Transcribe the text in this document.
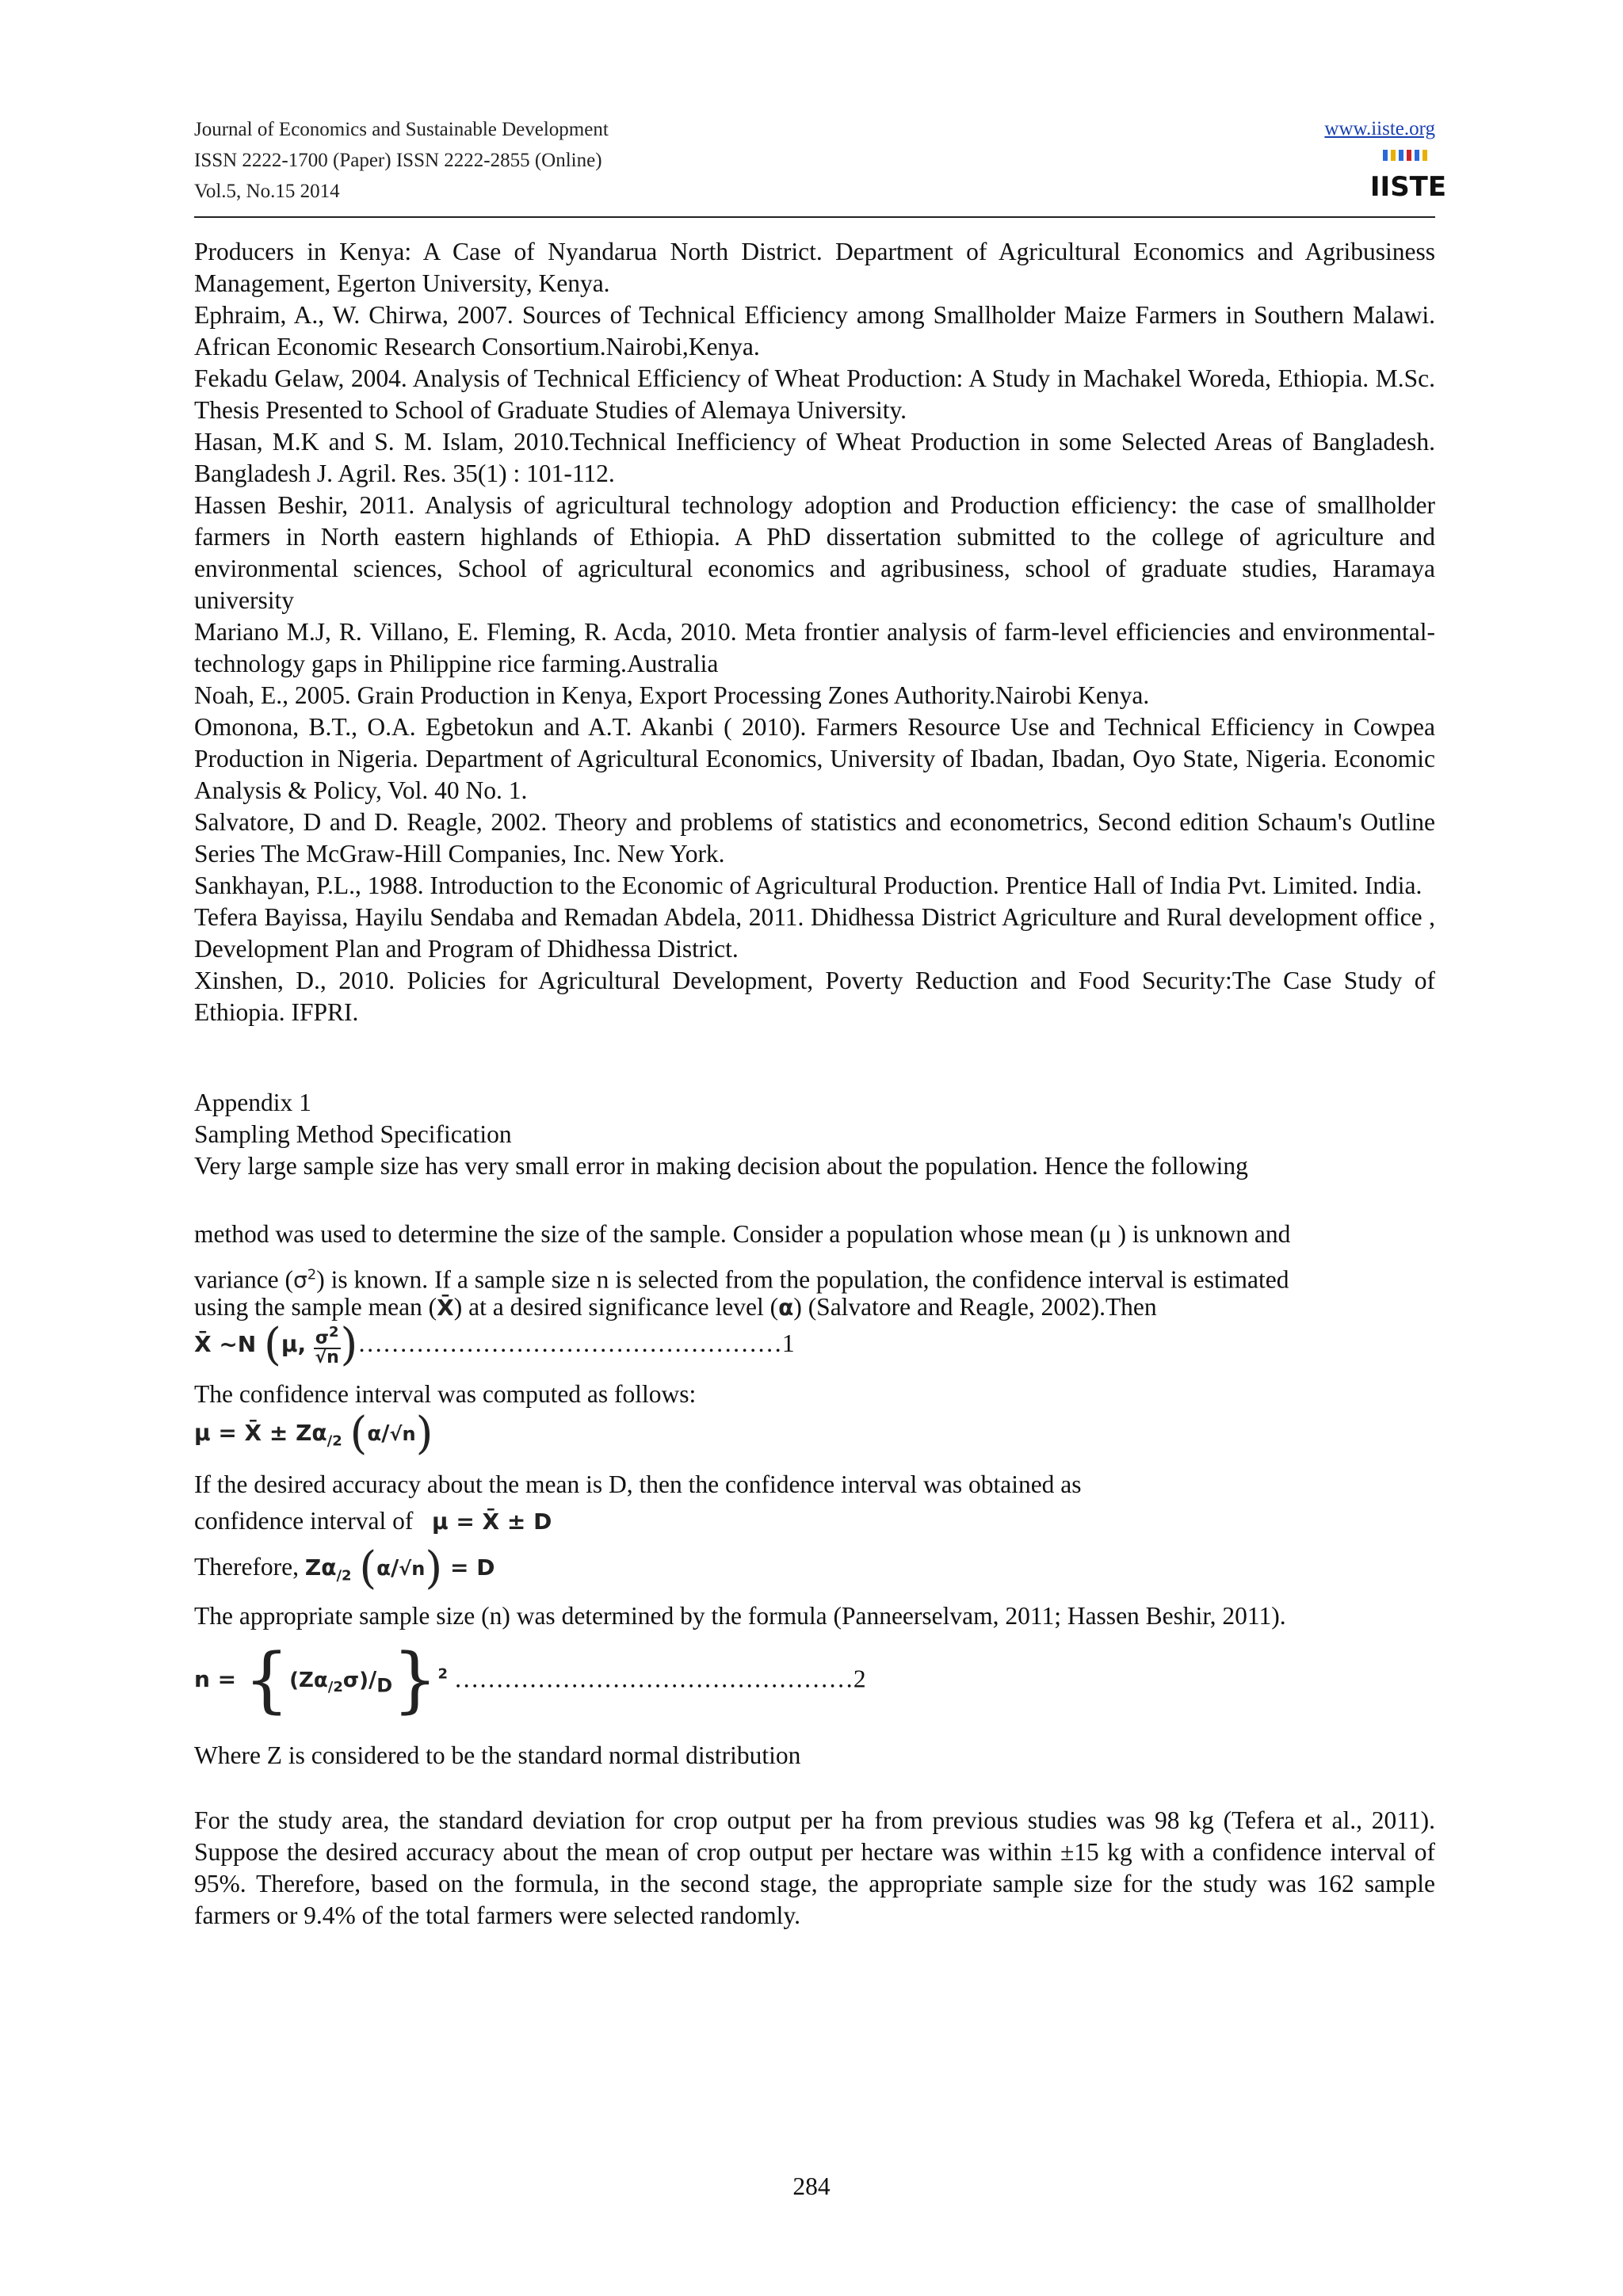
Journal of Economics and Sustainable Development
ISSN 2222-1700 (Paper) ISSN 2222-2855 (Online)
Vol.5, No.15 2014
www.iiste.org
IISTE

Producers in Kenya: A Case of Nyandarua North District. Department of Agricultural Economics and Agribusiness Management, Egerton University, Kenya.

Ephraim, A., W. Chirwa, 2007. Sources of Technical Efficiency among Smallholder Maize Farmers in Southern Malawi. African Economic Research Consortium.Nairobi,Kenya.

Fekadu Gelaw, 2004. Analysis of Technical Efficiency of Wheat Production: A Study in Machakel Woreda, Ethiopia. M.Sc. Thesis Presented to School of Graduate Studies of Alemaya University.

Hasan, M.K and S. M. Islam, 2010.Technical Inefficiency of Wheat Production in some Selected Areas of Bangladesh. Bangladesh J. Agril. Res. 35(1) : 101-112.

Hassen Beshir, 2011. Analysis of agricultural technology adoption and Production efficiency: the case of smallholder farmers in North eastern highlands of Ethiopia. A PhD dissertation submitted to the college of agriculture and environmental sciences, School of agricultural economics and agribusiness, school of graduate studies, Haramaya university

Mariano M.J, R. Villano, E. Fleming, R. Acda, 2010. Meta frontier analysis of farm-level efficiencies and environmental-technology gaps in Philippine rice farming.Australia

Noah, E., 2005. Grain Production in Kenya, Export Processing Zones Authority.Nairobi Kenya.

Omonona, B.T., O.A. Egbetokun and A.T. Akanbi ( 2010). Farmers Resource Use and Technical Efficiency in Cowpea Production in Nigeria. Department of Agricultural Economics, University of Ibadan, Ibadan, Oyo State, Nigeria. Economic Analysis & Policy, Vol. 40 No. 1.

Salvatore, D and D. Reagle, 2002. Theory and problems of statistics and econometrics, Second edition Schaum's Outline Series The McGraw-Hill Companies, Inc. New York.

Sankhayan, P.L., 1988. Introduction to the Economic of Agricultural Production. Prentice Hall of India Pvt. Limited. India.

Tefera Bayissa, Hayilu Sendaba and Remadan Abdela, 2011. Dhidhessa District Agriculture and Rural development office , Development Plan and Program of Dhidhessa District.

Xinshen, D., 2010. Policies for Agricultural Development, Poverty Reduction and Food Security:The Case Study of Ethiopia. IFPRI.

Appendix 1

Sampling Method Specification

Very large sample size has very small error in making decision about the population. Hence the following

method was used to determine the size of the sample. Consider a population whose mean (μ ) is unknown and
variance $(\sigma^2)$ is known. If a sample size n is selected from the population, the confidence interval is estimated
using the sample mean (X̄) at a desired significance level (α) (Salvatore and Reagle, 2002).Then
X̄ ~N (μ, $\frac{\sigma^2}{√n}$ )……………………………………………1
The confidence interval was computed as follows:
μ = X̄ ± $Z\alpha_{/2}$ (α/√n)
If the desired accuracy about the mean is D, then the confidence interval was obtained as
confidence interval of μ = X̄ ± D
Therefore, $Z\alpha_{/2}$ (α/√n) = D
The appropriate sample size (n) was determined by the formula (Panneerselvam, 2011; Hassen Beshir, 2011).
$n = \{(Z\alpha_{/2}\sigma)/D\}^2$ …………………………………………2
Where Z is considered to be the standard normal distribution
For the study area, the standard deviation for crop output per ha from previous studies was 98 kg (Tefera et al., 2011). Suppose the desired accuracy about the mean of crop output per hectare was within ±15 kg with a confidence interval of 95%. Therefore, based on the formula, in the second stage, the appropriate sample size for the study was 162 sample farmers or 9.4% of the total farmers were selected randomly.
284
